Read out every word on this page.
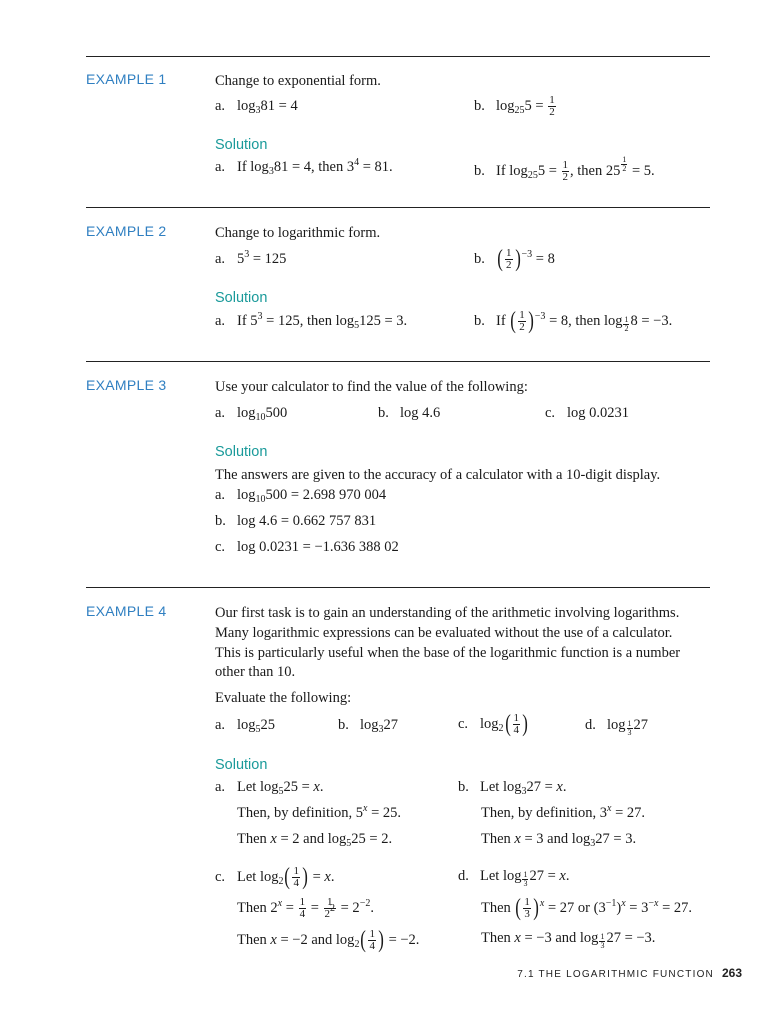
EXAMPLE 1	Change to exponential form.
a. $\log_381 = 4$	b. $\log_{25}5 = \frac{1}{2}$
Solution
a. If $\log_381 = 4$, then $3^4 = 81$.	b. If $\log_{25}5 = \frac{1}{2}$ , then $25 \frac{1}{2} = 5$.
EXAMPLE 2	Change to logarithmic form.
a. $5^3 = 125$	b. ( $\frac{1}{2} )^{-3} = 8$
Solution
a. If $5^3 = 125$, then $\log_5125 = 3$.	b. If ( $\frac{1}{2} )^{-3} = 8$, then $\log \frac{1}{2} 8 = -3$.
EXAMPLE 3	Use your calculator to find the value of the following:
a. $\log_{10}500$	b. log 4.6	c. log 0.0231
Solution
The answers are given to the accuracy of a calculator with a 10-digit display.
a. $\log_{10}500 = 2.698$ 970 004
b. log 4.6 = 0.662 757 831
c. log 0.0231 = −1.636 388 02
EXAMPLE 4	Our first task is to gain an understanding of the arithmetic involving logarithms.
Many logarithmic expressions can be evaluated without the use of a calculator.
This is particularly useful when the base of the logarithmic function is a number
other than 10.
Evaluate the following:
a. $\log_525$	b. $\log_327$	c. $\log_2( \frac{1}{4}$ )	d. $\log \frac{1}{3} 27$
Solution
a. Let $\log_525 = x$.
Then, by definition, $5^x = 25$.
Then x = 2 and $\log_525 = 2$.
b. Let $\log_327 = x$.
Then, by definition, $3^x = 27$.
Then x = 3 and $\log_327 = 3$.
c. Let $\log_2( \frac{1}{4}$ ) = x.
Then $2^x = \frac{1}{4} = \frac{1}{2^2} = 2^{-2}$.
Then x = −2 and $\log_2( \frac{1}{4}$ ) = −2.
d. Let $\log \frac{1}{3} 27 = x$.
Then ( $\frac{1}{3} )^x = 27$ or $(3^{-1})^x = 3^{-x} = 27$.
Then x = −3 and $\log \frac{1}{3} 27 = -3$.
7.1 THE LOGARITHMIC FUNCTION 263
